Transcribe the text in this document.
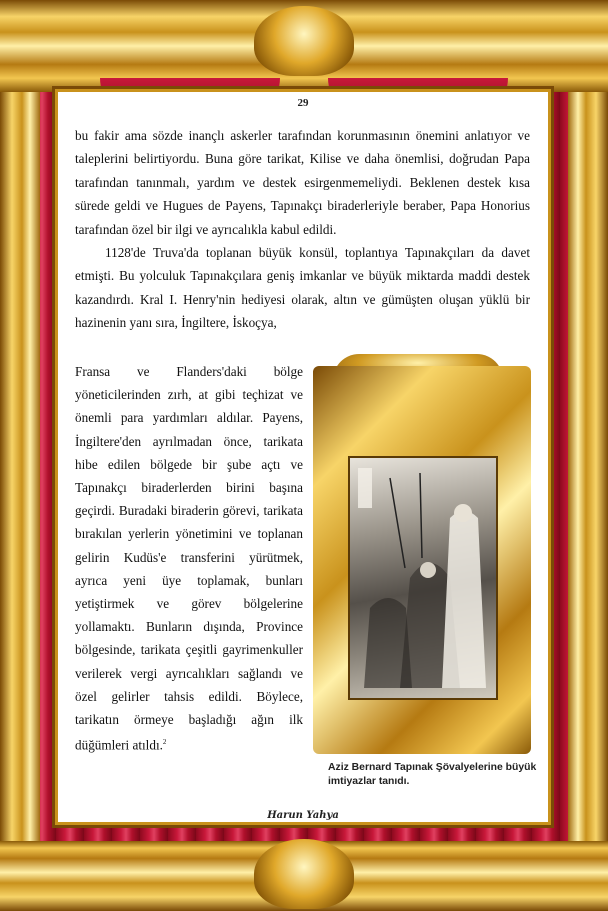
29

bu fakir ama sözde inançlı askerler tarafından korunmasının önemini anlatıyor ve taleplerini belirtiyordu. Buna göre tarikat, Kilise ve daha önemlisi, doğrudan Papa tarafından tanınmalı, yardım ve destek esirgenmemeliydi. Beklenen destek kısa sürede geldi ve Hugues de Payens, Tapınakçı biraderleriyle beraber, Papa Honorius tarafından özel bir ilgi ve ayrıcalıkla kabul edildi.

1128'de Truva'da toplanan büyük konsül, toplantıya Tapınakçıları da davet etmişti. Bu yolculuk Tapınakçılara geniş imkanlar ve büyük miktarda maddi destek kazandırdı. Kral I. Henry'nin hediyesi olarak, altın ve gümüşten oluşan yüklü bir hazinenin yanı sıra, İngiltere, İskoçya,

Fransa ve Flanders'daki bölge yöneticilerinden zırh, at gibi teçhizat ve önemli para yardımları aldılar. Payens, İngiltere'den ayrılmadan önce, tarikata hibe edilen bölgede bir şube açtı ve Tapınakçı biraderlerden birini başına geçirdi. Buradaki biraderin görevi, tarikata bırakılan yerlerin yönetimini ve toplanan gelirin Kudüs'e transferini yürütmek, ayrıca yeni üye toplamak, bunları yetiştirmek ve görev bölgelerine yollamaktı. Bunların dışında, Province bölgesinde, tarikata çeşitli gayrimenkuller verilerek vergi ayrıcalıkları sağlandı ve özel gelirler tahsis edildi. Böylece, tarikatın örmeye başladığı ağın ilk düğümleri atıldı.$^2$
Aziz Bernard Tapınak Şövalyelerine büyük imtiyazlar tanıdı.
Harun Yahya
